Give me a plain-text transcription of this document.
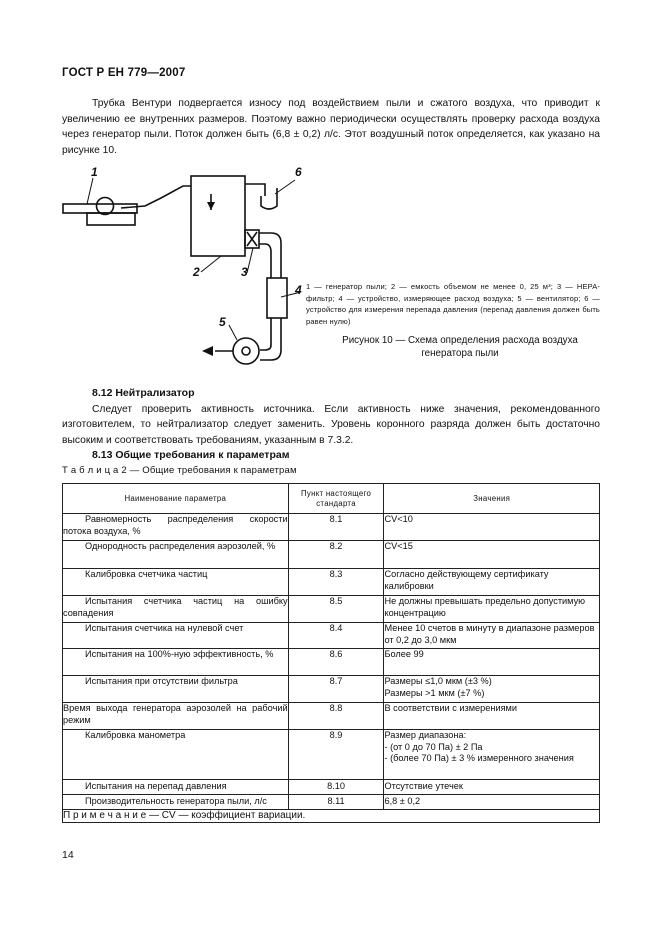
ГОСТ Р ЕН 779—2007
Трубка Вентури подвергается износу под воздействием пыли и сжатого воздуха, что приводит к увеличению ее внутренних размеров. Поэтому важно периодически осуществлять проверку расхода воздуха через генератор пыли. Поток должен быть (6,8 ± 0,2) л/с. Этот воздушный поток определяется, как указано на рисунке 10.
1
2	3
4
5
6
1 — генератор пыли; 2 — емкость объемом не менее 0, 25 м³; 3 — HEPA-фильтр; 4 — устройство, измеряющее расход воздуха; 5 — вентилятор; 6 — устройство для измерения перепада давления (перепад давления должен быть равен нулю)
Рисунок 10 — Схема определения расхода воздуха генератора пыли
8.12 Нейтрализатор
Следует проверить активность источника. Если активность ниже значения, рекомендованного изготовителем, то нейтрализатор следует заменить. Уровень коронного разряда должен быть достаточно высоким и соответствовать требованиям, указанным в 7.3.2.
8.13 Общие требования к параметрам
Т а б л и ц а 2 — Общие требования к параметрам
Наименование параметра	Пункт настоящего стандарта	Значения

Равномерность распределения скорости потока воздуха, %	8.1	CV<10

Однородность распределения аэрозолей, %	8.2	CV<15

Калибровка счетчика частиц	8.3	Согласно действующему сертификату калибровки

Испытания счетчика частиц на ошибку совпадения	8.5	Не должны превышать предельно допустимую концентрацию

Испытания счетчика на нулевой счет	8.4	Менее 10 счетов в минуту в диапазоне размеров от 0,2 до 3,0 мкм

Испытания на 100%-ную эффективность, %	8.6	Более 99

Испытания при отсутствии фильтра	8.7	Размеры ≤1,0 мкм (±3 %)
Размеры >1 мкм (±7 %)

Время выхода генератора аэрозолей на рабочий режим	8.8	В соответствии с измерениями

Калибровка манометра	8.9	Размер диапазона:
- (от 0 до 70 Па) ± 2 Па
- (более 70 Па) ± 3 % измеренного значения

Испытания на перепад давления	8.10	Отсутствие утечек

Производительность генератора пыли, л/с	8.11	6,8 ± 0,2
П р и м е ч а н и е — CV — коэффициент вариации.		
14
